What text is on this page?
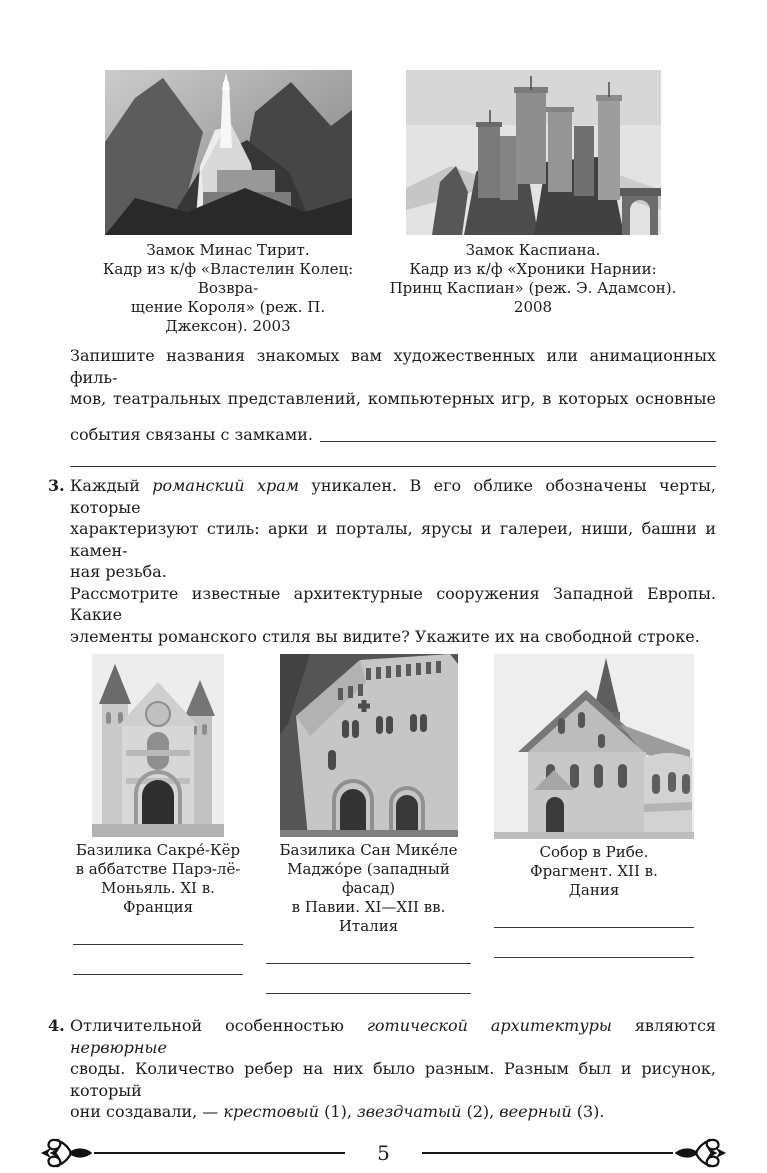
Замок Минас Тирит.
Кадр из к/ф «Властелин Колец: Возвра-
щение Короля» (реж. П. Джексон). 2003
Замок Каспиана.
Кадр из к/ф «Хроники Нарнии:
Принц Каспиан» (реж. Э. Адамсон). 2008
Запишите названия знакомых вам художественных или анимационных филь-
мов, театральных представлений, компьютерных игр, в которых основные
события связаны с замками.
3. Каждый романский храм уникален. В его облике обозначены черты, которые
характеризуют стиль: арки и порталы, ярусы и галереи, ниши, башни и камен-
ная резьба.
Рассмотрите известные архитектурные сооружения Западной Европы. Какие
элементы романского стиля вы видите? Укажите их на свободной строке.
Базилика Сакре́-Кёр
в аббатстве Парэ-лё-
Моньяль. XI в. Франция
Базилика Сан Мике́ле
Маджо́ре (западный фасад)
в Павии. XI—XII вв. Италия
Собор в Рибе.
Фрагмент. XII в.
Дания
4. Отличительной особенностью готической архитектуры являются нервюрные
своды. Количество ребер на них было разным. Разным был и рисунок, который
они создавали, — крестовый (1), звездчатый (2), веерный (3).
5
